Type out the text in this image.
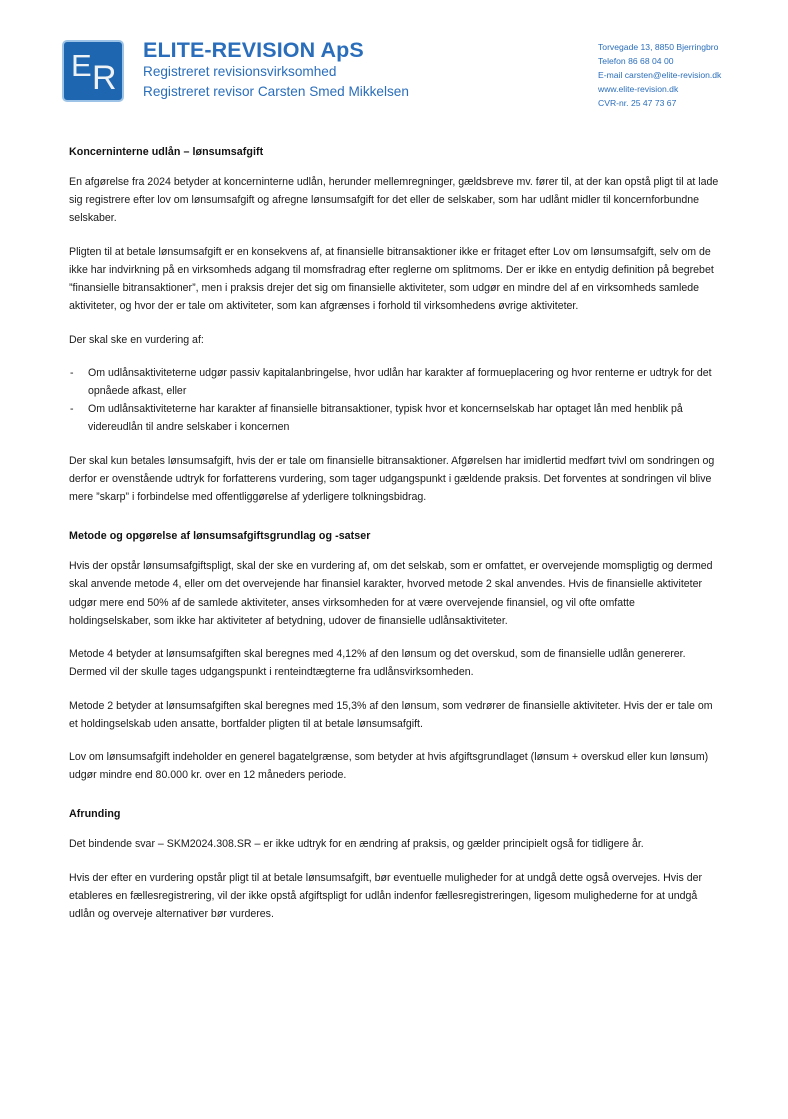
E R
ELITE-REVISION ApS
Registreret revisionsvirksomhed
Registreret revisor Carsten Smed Mikkelsen
Torvegade 13, 8850 Bjerringbro
Telefon 86 68 04 00
E-mail carsten@elite-revision.dk
www.elite-revision.dk
CVR-nr. 25 47 73 67
Koncerninterne udlån – lønsumsafgift

En afgørelse fra 2024 betyder at koncerninterne udlån, herunder mellemregninger, gældsbreve mv. fører til, at der kan opstå pligt til at lade sig registrere efter lov om lønsumsafgift og afregne lønsumsafgift for det eller de selskaber, som har udlånt midler til koncernforbundne selskaber.

Pligten til at betale lønsumsafgift er en konsekvens af, at finansielle bitransaktioner ikke er fritaget efter Lov om lønsumsafgift, selv om de ikke har indvirkning på en virksomheds adgang til momsfradrag efter reglerne om splitmoms. Der er ikke en entydig definition på begrebet ”finansielle bitransaktioner”, men i praksis drejer det sig om finansielle aktiviteter, som udgør en mindre del af en virksomheds samlede aktiviteter, og hvor der er tale om aktiviteter, som kan afgrænses i forhold til virksomhedens øvrige aktiviteter.

Der skal ske en vurdering af:

- Om udlånsaktiviteterne udgør passiv kapitalanbringelse, hvor udlån har karakter af formueplacering og hvor renterne er udtryk for det opnåede afkast, eller
- Om udlånsaktiviteterne har karakter af finansielle bitransaktioner, typisk hvor et koncernselskab har optaget lån med henblik på videreudlån til andre selskaber i koncernen

Der skal kun betales lønsumsafgift, hvis der er tale om finansielle bitransaktioner. Afgørelsen har imidlertid medført tvivl om sondringen og derfor er ovenstående udtryk for forfatterens vurdering, som tager udgangspunkt i gældende praksis. Det forventes at sondringen vil blive mere ”skarp” i forbindelse med offentliggørelse af yderligere tolkningsbidrag.

Metode og opgørelse af lønsumsafgiftsgrundlag og -satser

Hvis der opstår lønsumsafgiftspligt, skal der ske en vurdering af, om det selskab, som er omfattet, er overvejende momspligtig og dermed skal anvende metode 4, eller om det overvejende har finansiel karakter, hvorved metode 2 skal anvendes. Hvis de finansielle aktiviteter udgør mere end 50% af de samlede aktiviteter, anses virksomheden for at være overvejende finansiel, og vil ofte omfatte holdingselskaber, som ikke har aktiviteter af betydning, udover de finansielle udlånsaktiviteter.

Metode 4 betyder at lønsumsafgiften skal beregnes med 4,12% af den lønsum og det overskud, som de finansielle udlån genererer. Dermed vil der skulle tages udgangspunkt i renteindtægterne fra udlånsvirksomheden.

Metode 2 betyder at lønsumsafgiften skal beregnes med 15,3% af den lønsum, som vedrører de finansielle aktiviteter. Hvis der er tale om et holdingselskab uden ansatte, bortfalder pligten til at betale lønsumsafgift.

Lov om lønsumsafgift indeholder en generel bagatelgrænse, som betyder at hvis afgiftsgrundlaget (lønsum + overskud eller kun lønsum) udgør mindre end 80.000 kr. over en 12 måneders periode.

Afrunding

Det bindende svar – SKM2024.308.SR – er ikke udtryk for en ændring af praksis, og gælder principielt også for tidligere år.

Hvis der efter en vurdering opstår pligt til at betale lønsumsafgift, bør eventuelle muligheder for at undgå dette også overvejes. Hvis der etableres en fællesregistrering, vil der ikke opstå afgiftspligt for udlån indenfor fællesregistreringen, ligesom mulighederne for at undgå udlån og overveje alternativer bør vurderes.
